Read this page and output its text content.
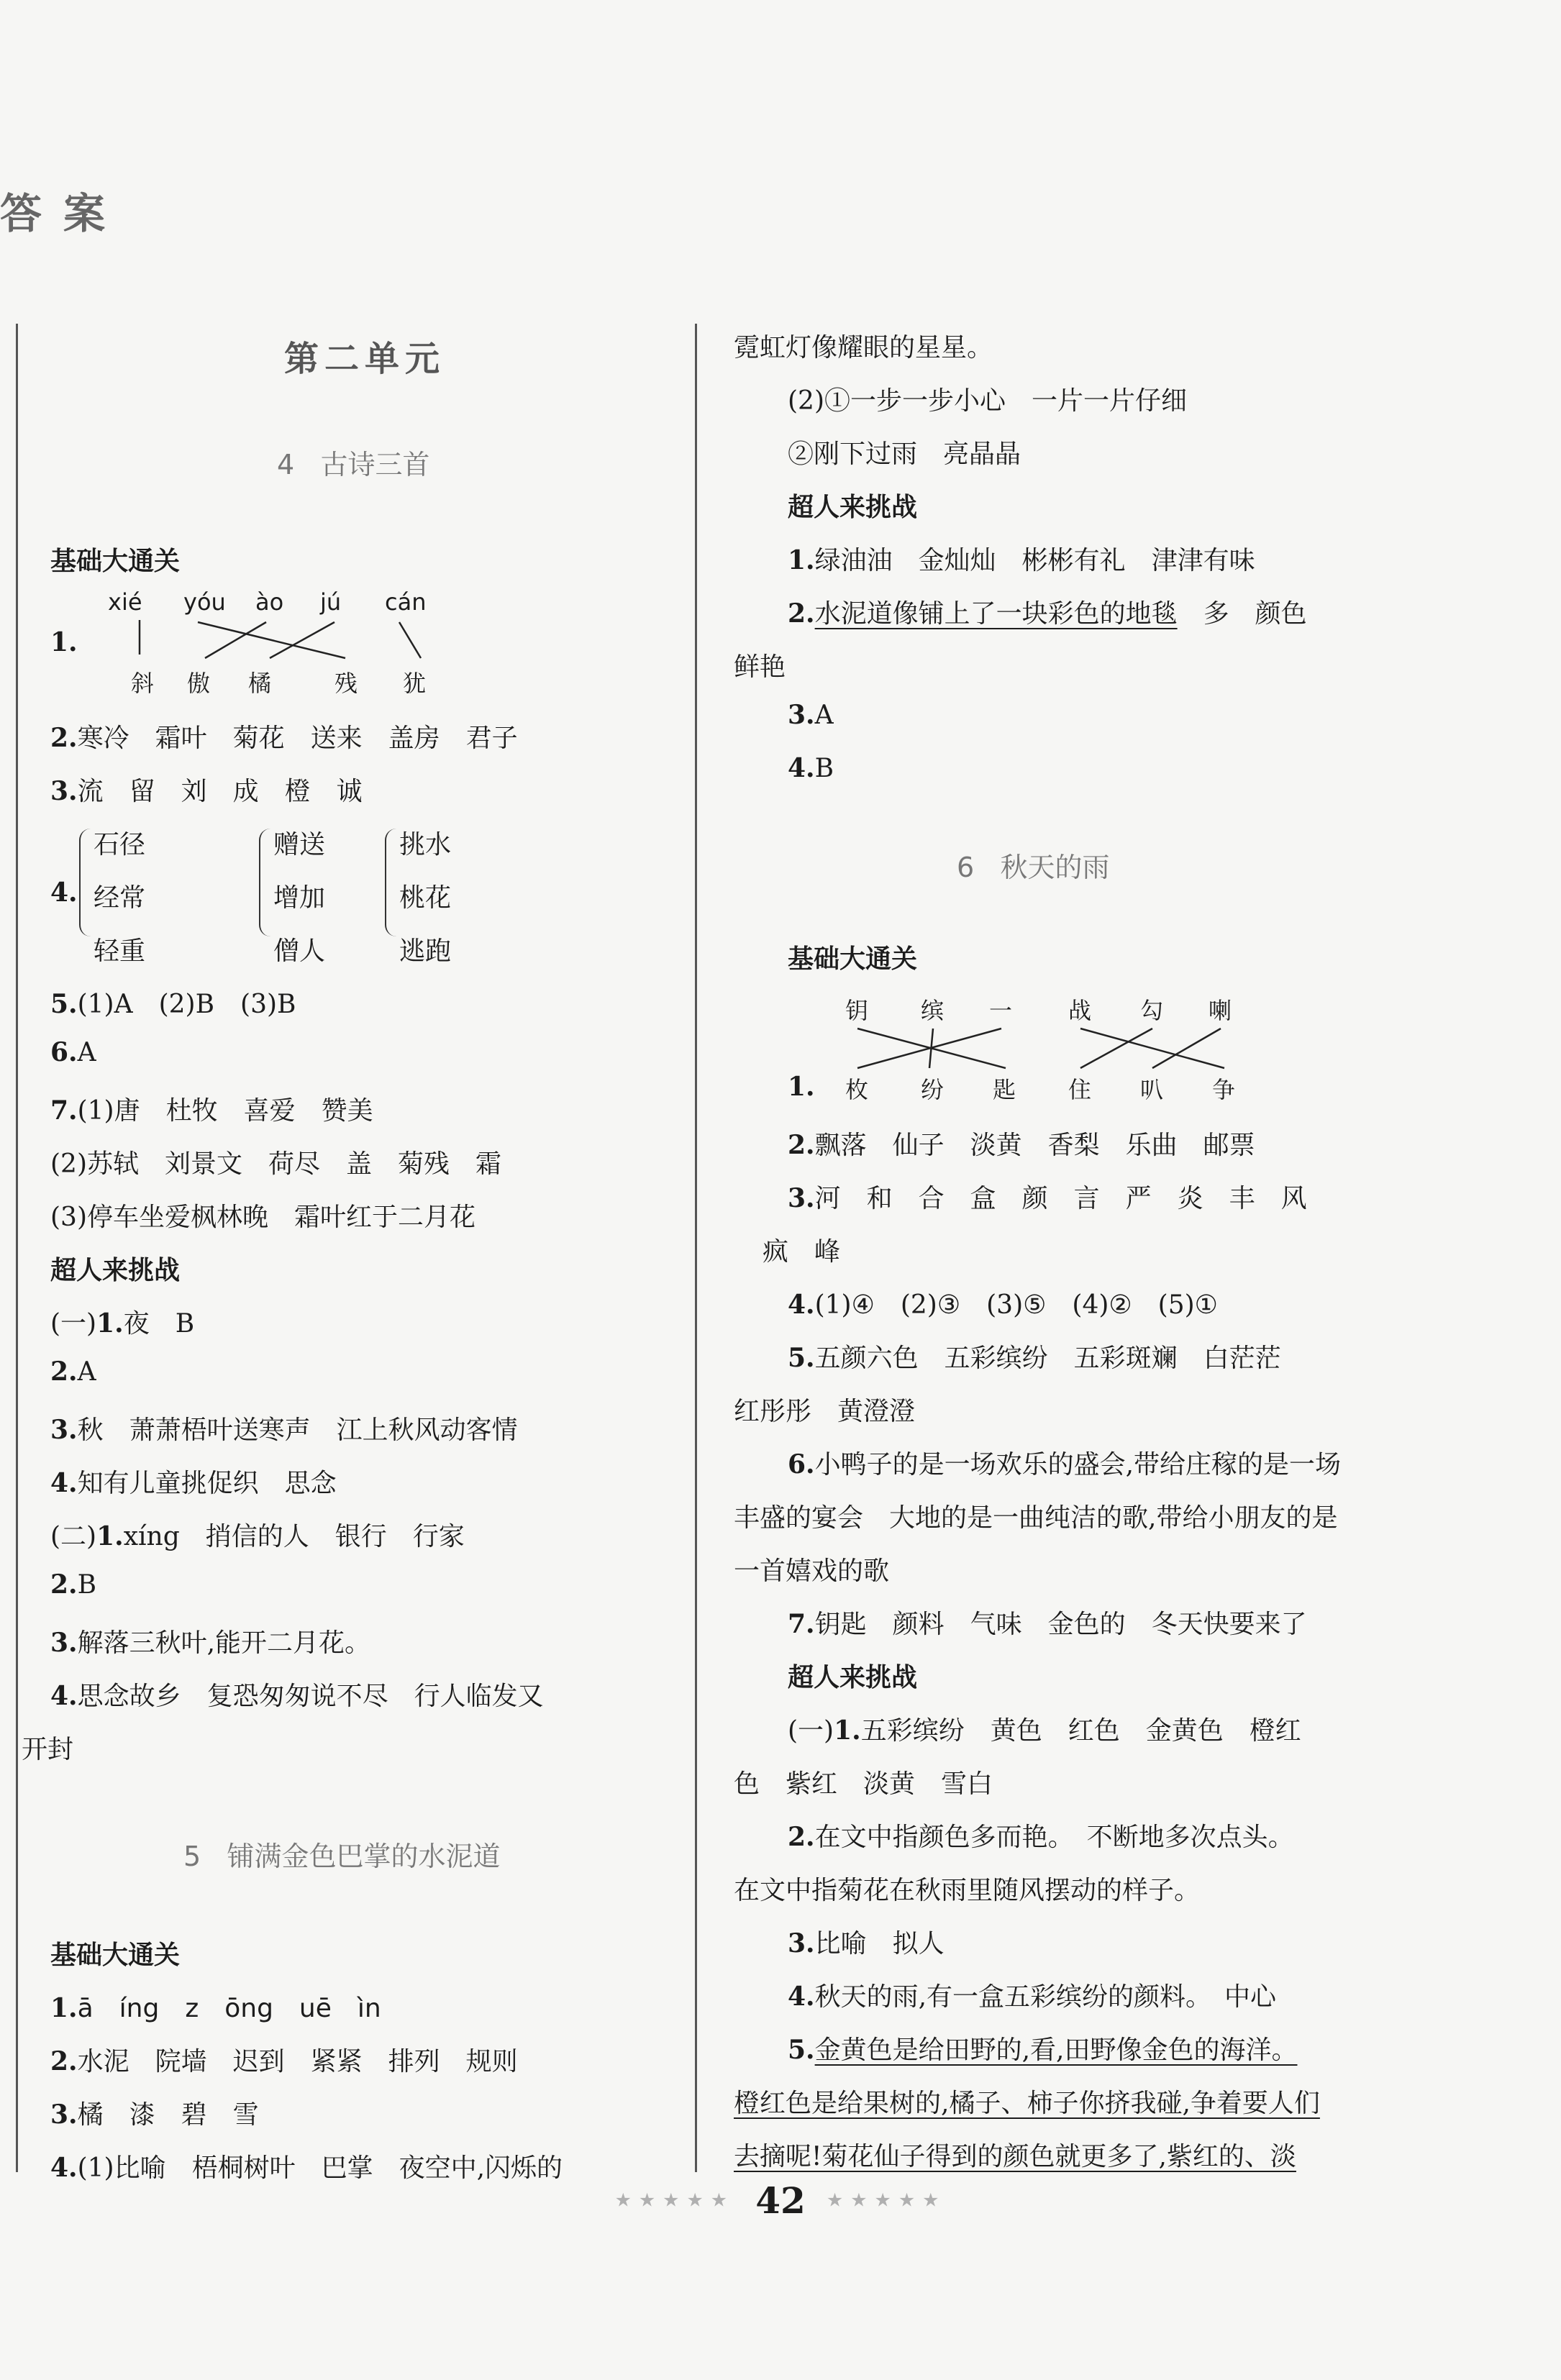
答案
第二单元
4 古诗三首
基础大通关
xié yóu ào jú cán
1.
斜 傲 橘	残 犹
2.寒冷　霜叶　菊花　送来　盖房　君子
3.流　留　刘　成　橙　诚
4.
石径
经常
轻重
赠送
增加
僧人
挑水
桃花
逃跑
5.(1)A　(2)B　(3)B
6.A
7.(1)唐　杜牧　喜爱　赞美
(2)苏轼　刘景文　荷尽　盖　菊残　霜
(3)停车坐爱枫林晚　霜叶红于二月花
超人来挑战
(一)1.夜　B
2.A
3.秋　萧萧梧叶送寒声　江上秋风动客情
4.知有儿童挑促织　思念
(二)1.xíng　捎信的人　银行　行家
2.B
3.解落三秋叶,能开二月花。
4.思念故乡　复恐匆匆说不尽　行人临发又
开封
5 铺满金色巴掌的水泥道
基础大通关
1.ā　íng　z　ōng　uē　ìn
2.水泥　院墙　迟到　紧紧　排列　规则
3.橘　漆　碧　雪
4.(1)比喻　梧桐树叶　巴掌　夜空中,闪烁的
霓虹灯像耀眼的星星。
(2)①一步一步小心　一片一片仔细
②刚下过雨　亮晶晶
超人来挑战
1.绿油油　金灿灿　彬彬有礼　津津有味
2.水泥道像铺上了一块彩色的地毯　多　颜色
鲜艳
3.A
4.B
6 秋天的雨
基础大通关
钥 缤 一 战 勾 喇
1. 枚 纷 匙 住 叭 争
2.飘落　仙子　淡黄　香梨　乐曲　邮票
3.河　和　合　盒　颜　言　严　炎　丰　风
疯　峰
4.(1)④　(2)③　(3)⑤　(4)②　(5)①
5.五颜六色　五彩缤纷　五彩斑斓　白茫茫
红彤彤　黄澄澄
6.小鸭子的是一场欢乐的盛会,带给庄稼的是一场
丰盛的宴会　大地的是一曲纯洁的歌,带给小朋友的是
一首嬉戏的歌
7.钥匙　颜料　气味　金色的　冬天快要来了
超人来挑战
(一)1.五彩缤纷　黄色　红色　金黄色　橙红
色　紫红　淡黄　雪白
2.在文中指颜色多而艳。　不断地多次点头。
在文中指菊花在秋雨里随风摆动的样子。
3.比喻　拟人
4.秋天的雨,有一盒五彩缤纷的颜料。　中心
5.金黄色是给田野的,看,田野像金色的海洋。
橙红色是给果树的,橘子、柿子你挤我碰,争着要人们
去摘呢!菊花仙子得到的颜色就更多了,紫红的、淡
★★★★★ 42 ★★★★★
